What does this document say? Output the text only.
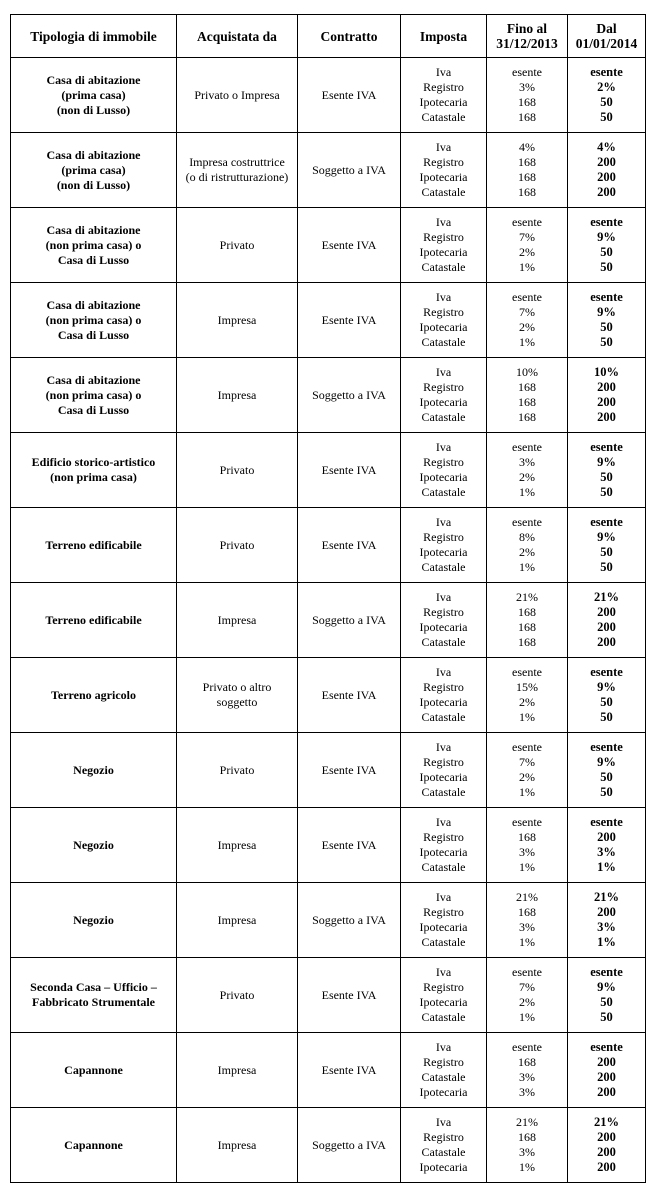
Tipologia di immobile	Acquistata da	Contratto	Imposta	Fino al
31/12/2013	Dal
01/01/2014

Casa di abitazione
(prima casa)
(non di Lusso)	Privato o Impresa	Esente IVA	Iva
Registro
Ipotecaria
Catastale	esente
3%
168
168	esente
2%
50
50

Casa di abitazione
(prima casa)
(non di Lusso)	Impresa costruttrice
(o di ristrutturazione)	Soggetto a IVA	Iva
Registro
Ipotecaria
Catastale	4%
168
168
168	4%
200
200
200

Casa di abitazione
(non prima casa) o
Casa di Lusso	Privato	Esente IVA	Iva
Registro
Ipotecaria
Catastale	esente
7%
2%
1%	esente
9%
50
50

Casa di abitazione
(non prima casa) o
Casa di Lusso	Impresa	Esente IVA	Iva
Registro
Ipotecaria
Catastale	esente
7%
2%
1%	esente
9%
50
50

Casa di abitazione
(non prima casa) o
Casa di Lusso	Impresa	Soggetto a IVA	Iva
Registro
Ipotecaria
Catastale	10%
168
168
168	10%
200
200
200

Edificio storico-artistico
(non prima casa)	Privato	Esente IVA	Iva
Registro
Ipotecaria
Catastale	esente
3%
2%
1%	esente
9%
50
50

Terreno edificabile	Privato	Esente IVA	Iva
Registro
Ipotecaria
Catastale	esente
8%
2%
1%	esente
9%
50
50

Terreno edificabile	Impresa	Soggetto a IVA	Iva
Registro
Ipotecaria
Catastale	21%
168
168
168	21%
200
200
200

Terreno agricolo	Privato o altro
soggetto	Esente IVA	Iva
Registro
Ipotecaria
Catastale	esente
15%
2%
1%	esente
9%
50
50

Negozio	Privato	Esente IVA	Iva
Registro
Ipotecaria
Catastale	esente
7%
2%
1%	esente
9%
50
50

Negozio	Impresa	Esente IVA	Iva
Registro
Ipotecaria
Catastale	esente
168
3%
1%	esente
200
3%
1%

Negozio	Impresa	Soggetto a IVA	Iva
Registro
Ipotecaria
Catastale	21%
168
3%
1%	21%
200
3%
1%

Seconda Casa – Ufficio –
Fabbricato Strumentale	Privato	Esente IVA	Iva
Registro
Ipotecaria
Catastale	esente
7%
2%
1%	esente
9%
50
50

Capannone	Impresa	Esente IVA	Iva
Registro
Catastale
Ipotecaria	esente
168
3%
3%	esente
200
200
200

Capannone	Impresa	Soggetto a IVA	Iva
Registro
Catastale
Ipotecaria	21%
168
3%
1%	21%
200
200
200
